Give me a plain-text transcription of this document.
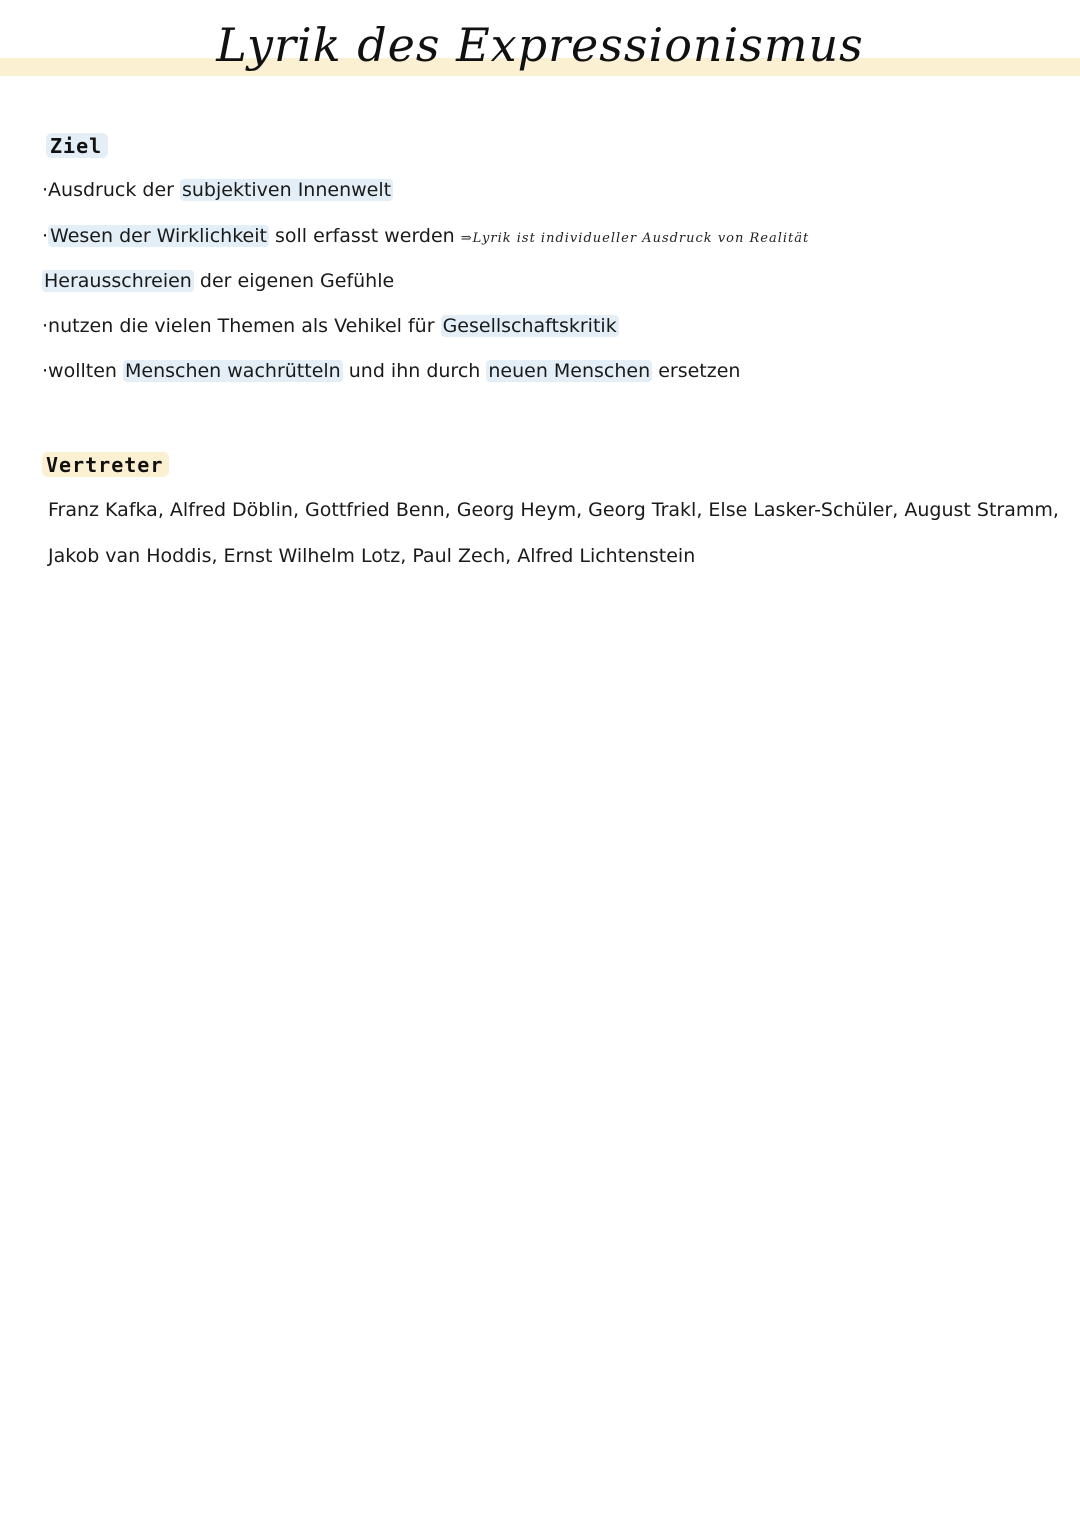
Lyrik des Expressionismus
Ziel
·Ausdruck der subjektiven Innenwelt
· Wesen der Wirklichkeit soll erfasst werden ⇒Lyrik ist individueller Ausdruck von Realität
Herausschreien der eigenen Gefühle
·nutzen die vielen Themen als Vehikel für Gesellschaftskritik
·wollten Menschen wachrütteln und ihn durch neuen Menschen ersetzen
Vertreter
Franz Kafka, Alfred Döblin, Gottfried Benn, Georg Heym, Georg Trakl, Else Lasker-Schüler, August Stramm,
Jakob van Hoddis, Ernst Wilhelm Lotz, Paul Zech, Alfred Lichtenstein
